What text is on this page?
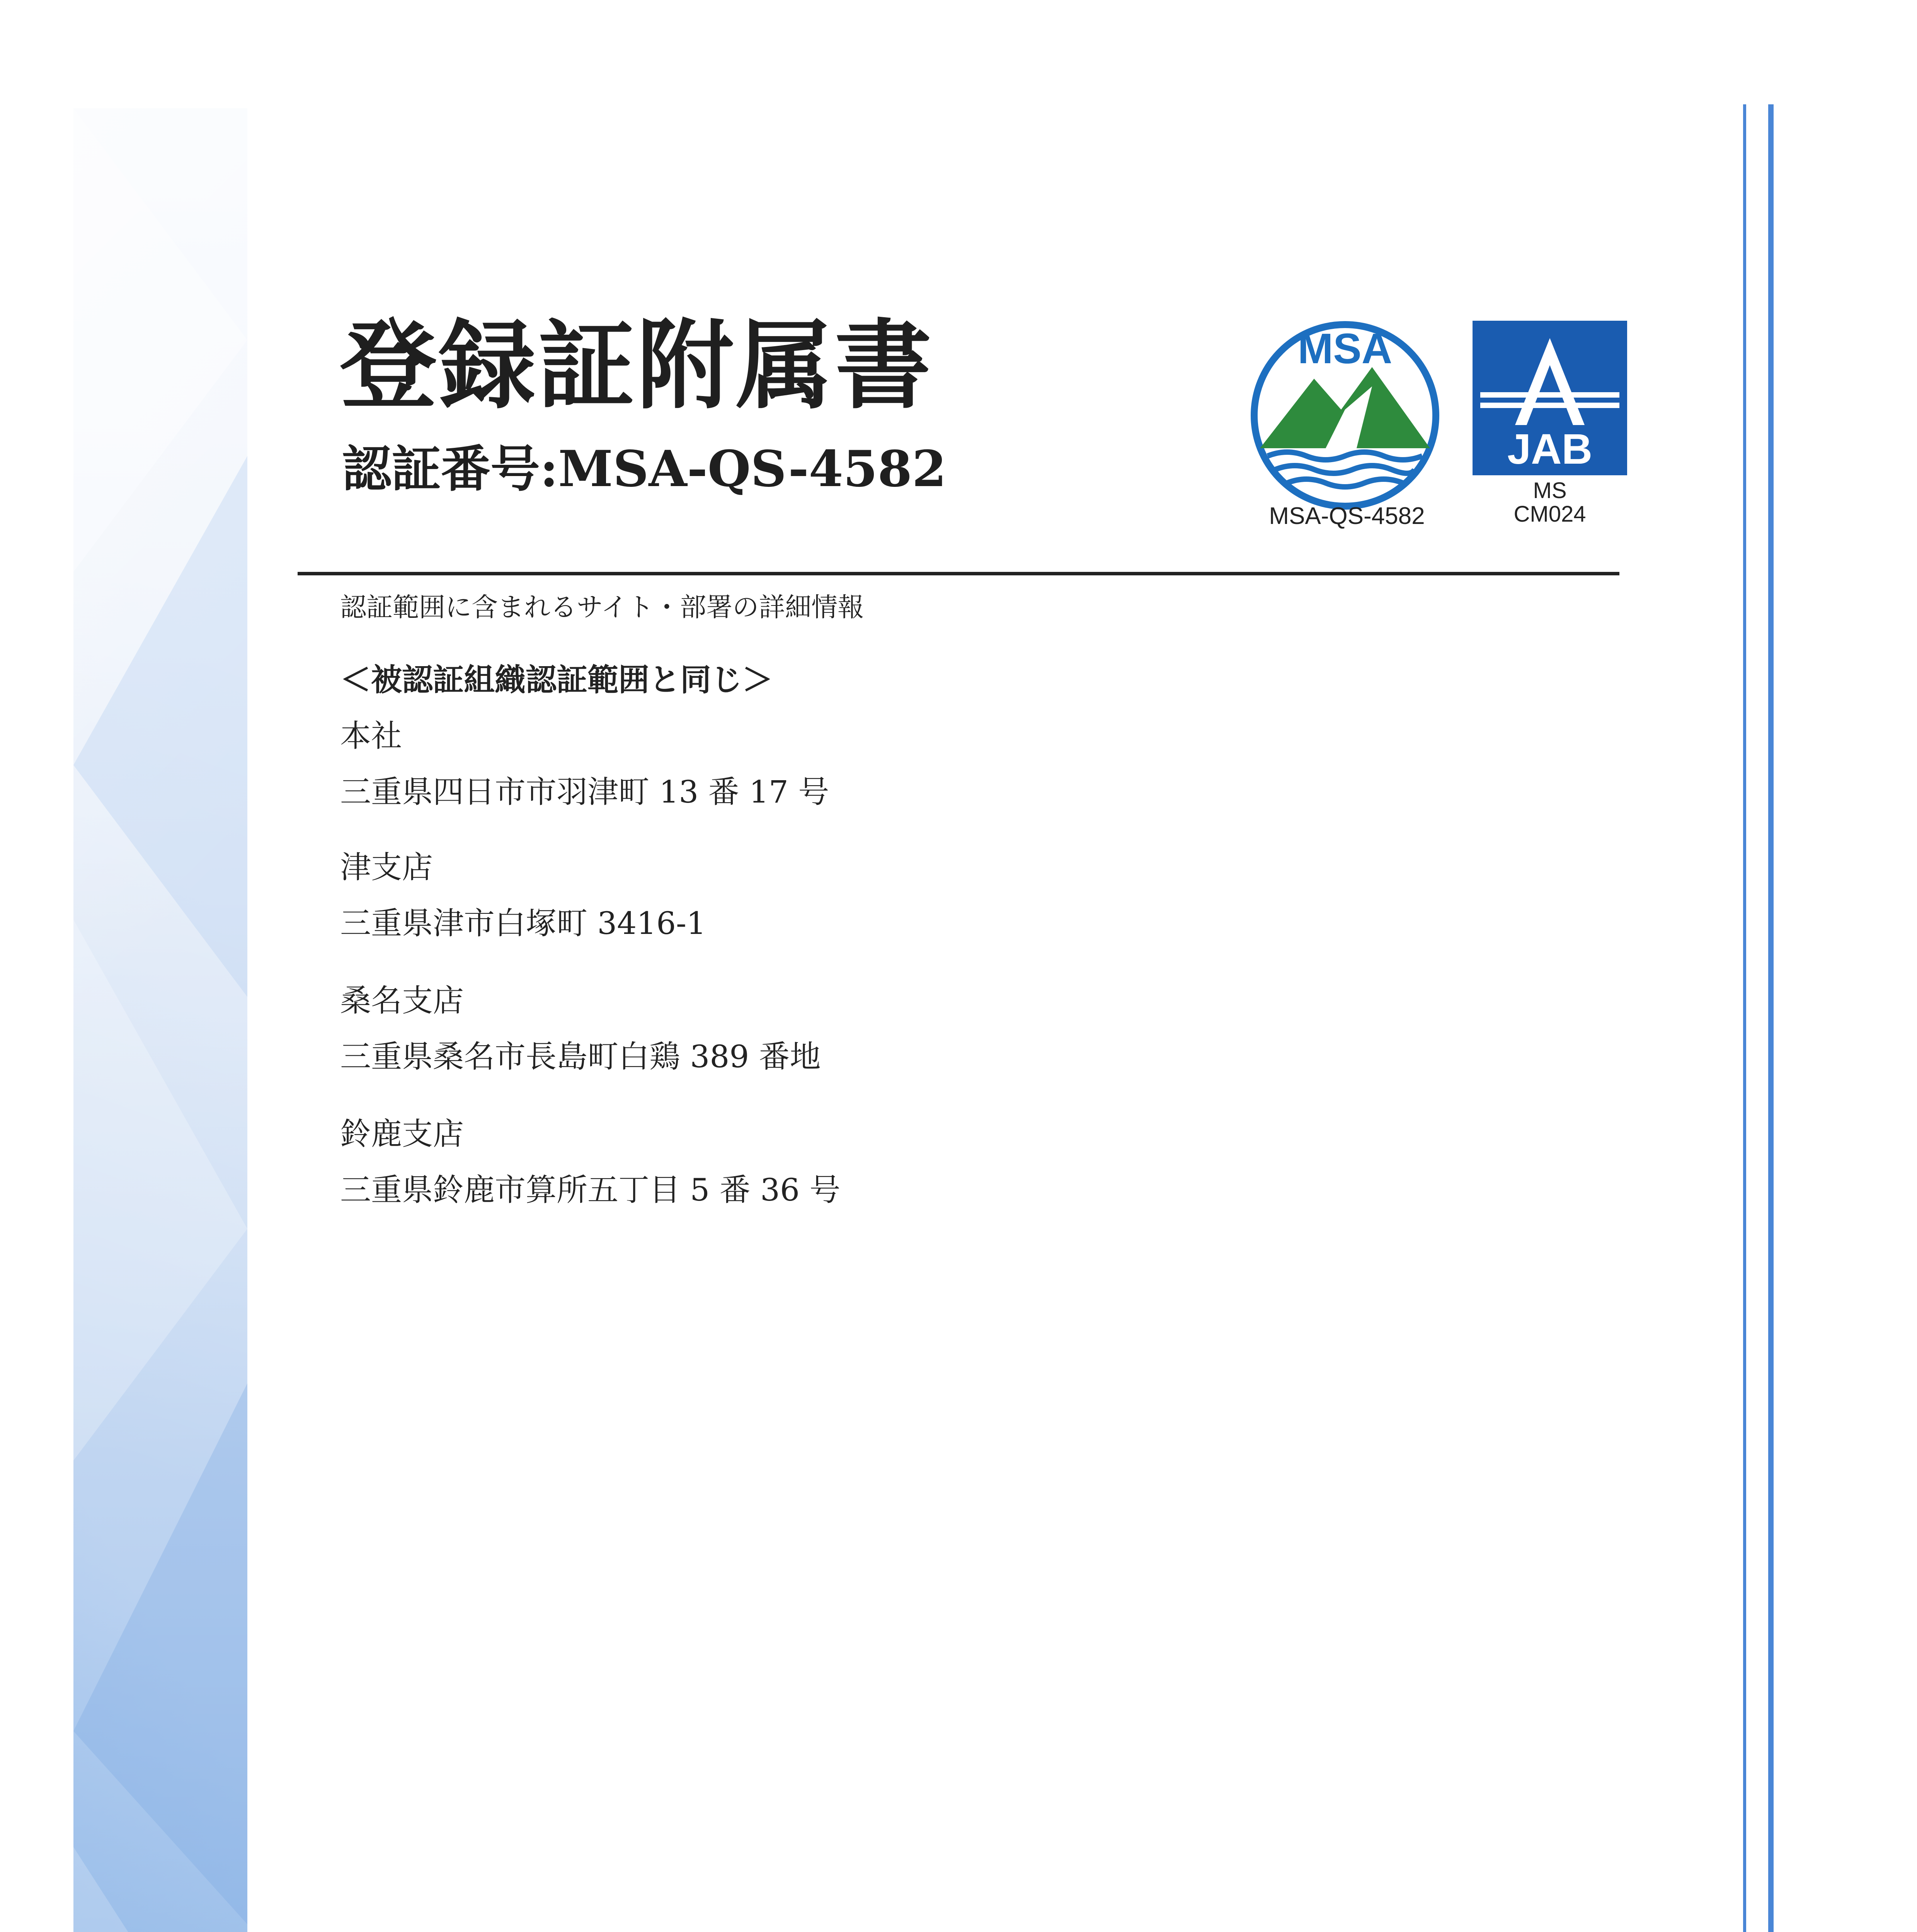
登録証附属書
認証番号:MSA-QS-4582
MSA
MSA-QS-4582
JAB
MS
CM024
認証範囲に含まれるサイト・部署の詳細情報
＜被認証組織認証範囲と同じ＞
本社
三重県四日市市羽津町 13 番 17 号
津支店
三重県津市白塚町 3416-1
桑名支店
三重県桑名市長島町白鶏 389 番地
鈴鹿支店
三重県鈴鹿市算所五丁目 5 番 36 号
